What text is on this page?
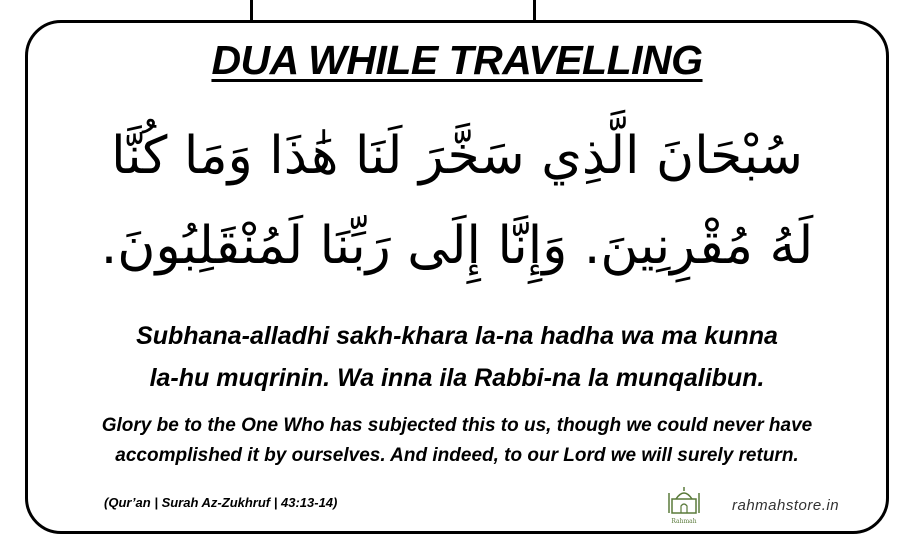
DUA WHILE TRAVELLING
سُبْحَانَ الَّذِي سَخَّرَ لَنَا هَٰذَا وَمَا كُنَّا
لَهُ مُقْرِنِينَ. وَإِنَّا إِلَى رَبِّنَا لَمُنْقَلِبُونَ.
Subhana-alladhi sakh-khara la-na hadha wa ma kunna
la-hu muqrinin. Wa inna ila Rabbi-na la munqalibun.
Glory be to the One Who has subjected this to us, though we could never have
accomplished it by ourselves. And indeed, to our Lord we will surely return.
(Qur’an | Surah Az-Zukhruf | 43:13-14)
Rahmah
rahmahstore.in
